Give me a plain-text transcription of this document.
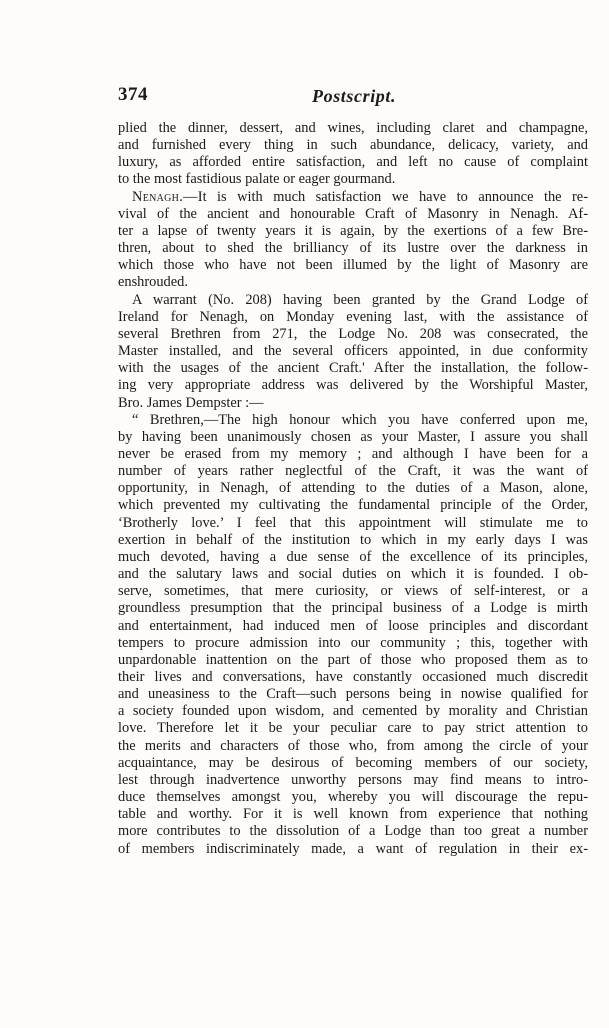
374	Postscript.

plied the dinner, dessert, and wines, including claret and champagne,

and furnished every thing in such abundance, delicacy, variety, and

luxury, as afforded entire satisfaction, and left no cause of complaint

to the most fastidious palate or eager gourmand.

Nenagh.—It is with much satisfaction we have to announce the re-

vival of the ancient and honourable Craft of Masonry in Nenagh. Af-

ter a lapse of twenty years it is again, by the exertions of a few Bre-

thren, about to shed the brilliancy of its lustre over the darkness in

which those who have not been illumed by the light of Masonry are

enshrouded.

A warrant (No. 208) having been granted by the Grand Lodge of

Ireland for Nenagh, on Monday evening last, with the assistance of

several Brethren from 271, the Lodge No. 208 was consecrated, the

Master installed, and the several officers appointed, in due conformity

with the usages of the ancient Craft.' After the installation, the follow-

ing very appropriate address was delivered by the Worshipful Master,

Bro. James Dempster :—

“ Brethren,—The high honour which you have conferred upon me,

by having been unanimously chosen as your Master, I assure you shall

never be erased from my memory ; and although I have been for a

number of years rather neglectful of the Craft, it was the want of

opportunity, in Nenagh, of attending to the duties of a Mason, alone,

which prevented my cultivating the fundamental principle of the Order,

‘Brotherly love.’ I feel that this appointment will stimulate me to

exertion in behalf of the institution to which in my early days I was

much devoted, having a due sense of the excellence of its principles,

and the salutary laws and social duties on which it is founded. I ob-

serve, sometimes, that mere curiosity, or views of self-interest, or a

groundless presumption that the principal business of a Lodge is mirth

and entertainment, had induced men of loose principles and discordant

tempers to procure admission into our community ; this, together with

unpardonable inattention on the part of those who proposed them as to

their lives and conversations, have constantly occasioned much discredit

and uneasiness to the Craft—such persons being in nowise qualified for

a society founded upon wisdom, and cemented by morality and Christian

love. Therefore let it be your peculiar care to pay strict attention to

the merits and characters of those who, from among the circle of your

acquaintance, may be desirous of becoming members of our society,

lest through inadvertence unworthy persons may find means to intro-

duce themselves amongst you, whereby you will discourage the repu-

table and worthy. For it is well known from experience that nothing

more contributes to the dissolution of a Lodge than too great a number

of members indiscriminately made, a want of regulation in their ex-
